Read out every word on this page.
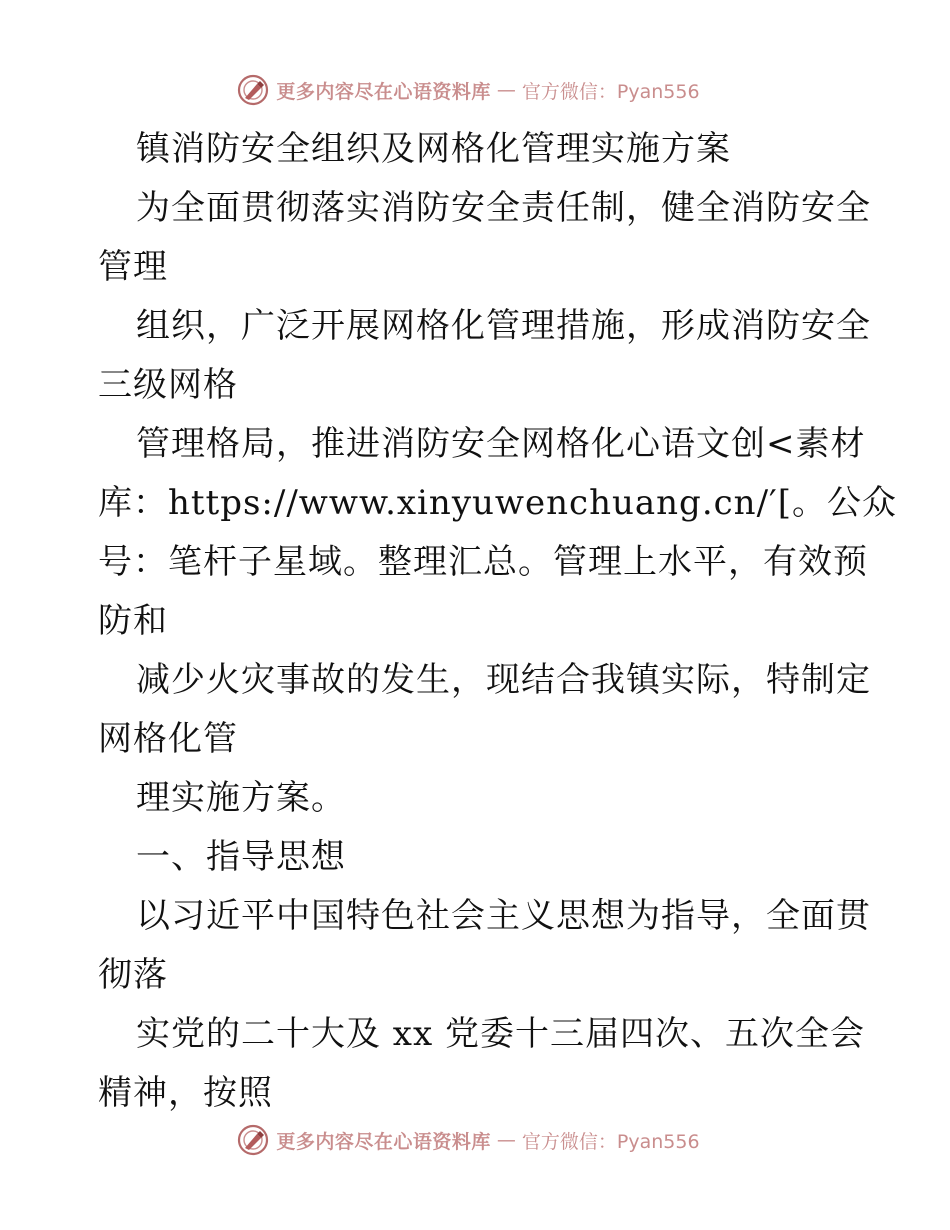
更多内容尽在心语资料库 — 官方微信：Pyan556
镇消防安全组织及网格化管理实施方案
为全面贯彻落实消防安全责任制，健全消防安全
管理
组织，广泛开展网格化管理措施，形成消防安全
三级网格
管理格局，推进消防安全网格化心语文创<素材
库：https://www.xinyuwenchuang.cn/′[。公众
号：笔杆子星域。整理汇总。管理上水平，有效预
防和
减少火灾事故的发生，现结合我镇实际，特制定
网格化管
理实施方案。
一、指导思想
以习近平中国特色社会主义思想为指导，全面贯
彻落
实党的二十大及 xx 党委十三届四次、五次全会
精神，按照
更多内容尽在心语资料库 — 官方微信：Pyan556
